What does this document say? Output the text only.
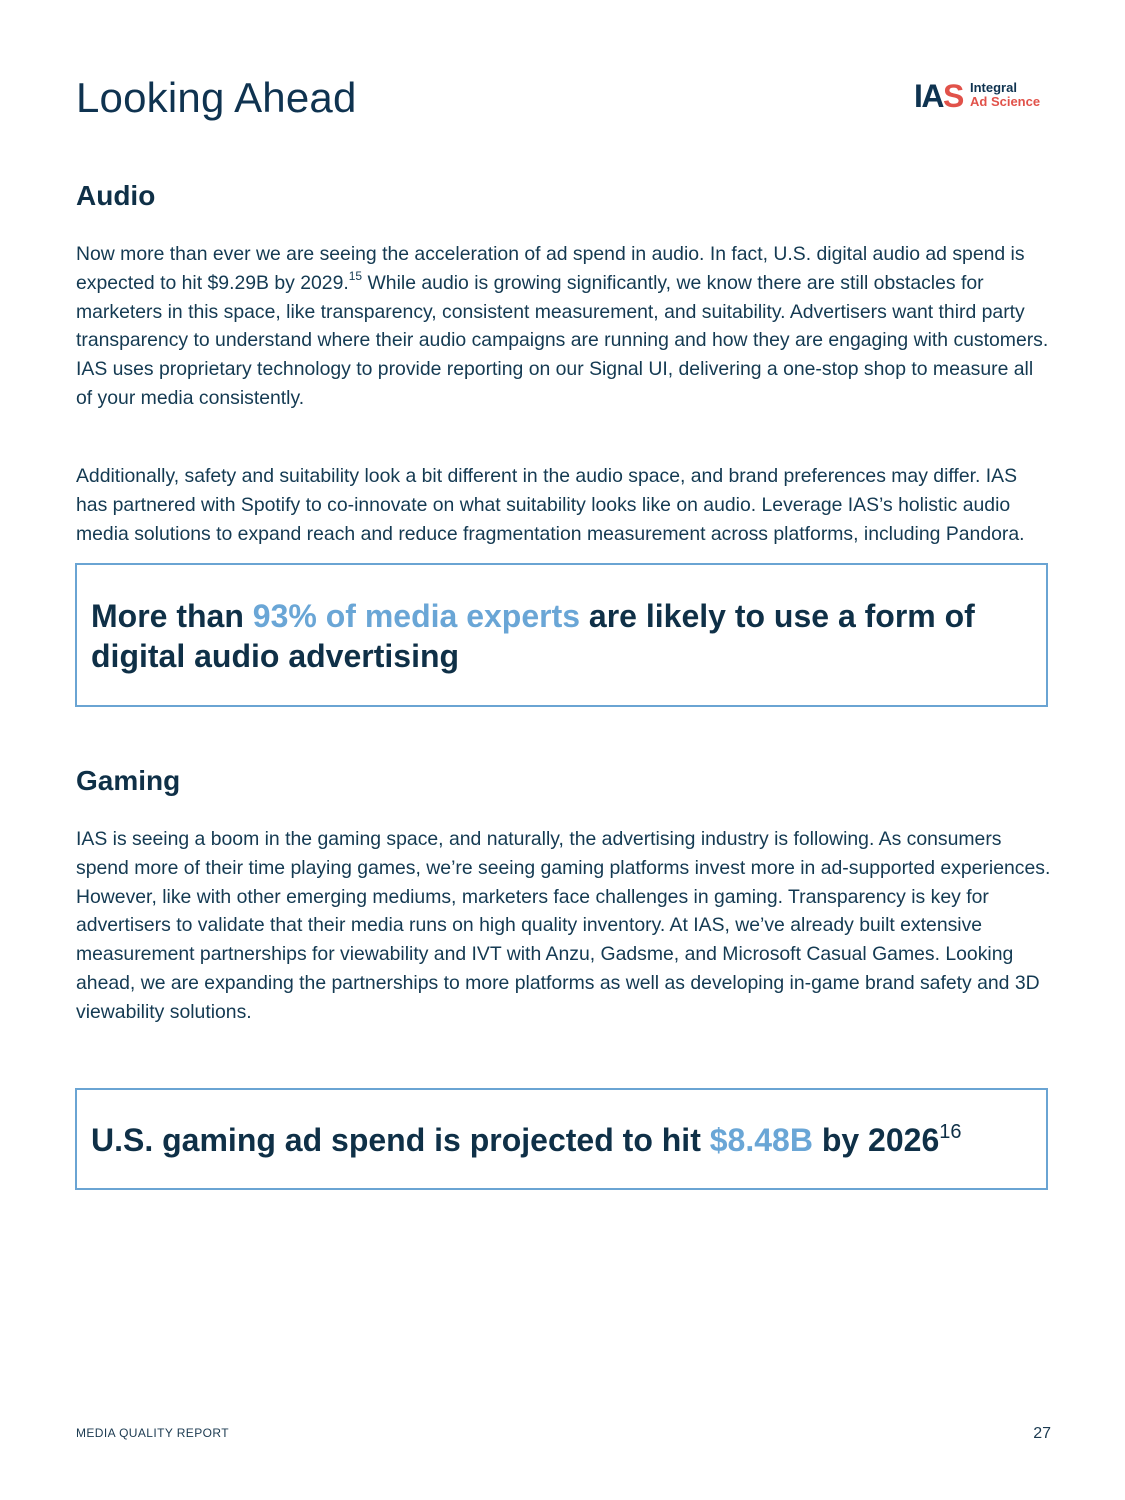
Looking Ahead	IAS Integral
Ad Science
Audio

Now more than ever we are seeing the acceleration of ad spend in audio. In fact, U.S. digital audio ad spend is expected to hit $9.29B by 2029.15 While audio is growing significantly, we know there are still obstacles for marketers in this space, like transparency, consistent measurement, and suitability. Advertisers want third party transparency to understand where their audio campaigns are running and how they are engaging with customers. IAS uses proprietary technology to provide reporting on our Signal UI, delivering a one-stop shop to measure all of your media consistently.

Additionally, safety and suitability look a bit different in the audio space, and brand preferences may differ. IAS has partnered with Spotify to co-innovate on what suitability looks like on audio. Leverage IAS’s holistic audio media solutions to expand reach and reduce fragmentation measurement across platforms, including Pandora.

More than 93% of media experts are likely to use a form of digital audio advertising

Gaming

IAS is seeing a boom in the gaming space, and naturally, the advertising industry is following. As consumers spend more of their time playing games, we’re seeing gaming platforms invest more in ad-supported experiences. However, like with other emerging mediums, marketers face challenges in gaming. Transparency is key for advertisers to validate that their media runs on high quality inventory. At IAS, we’ve already built extensive measurement partnerships for viewability and IVT with Anzu, Gadsme, and Microsoft Casual Games. Looking ahead, we are expanding the partnerships to more platforms as well as developing in-game brand safety and 3D viewability solutions.

U.S. gaming ad spend is projected to hit $8.48B by 2026$^{16}$

MEDIA QUALITY REPORT	27
